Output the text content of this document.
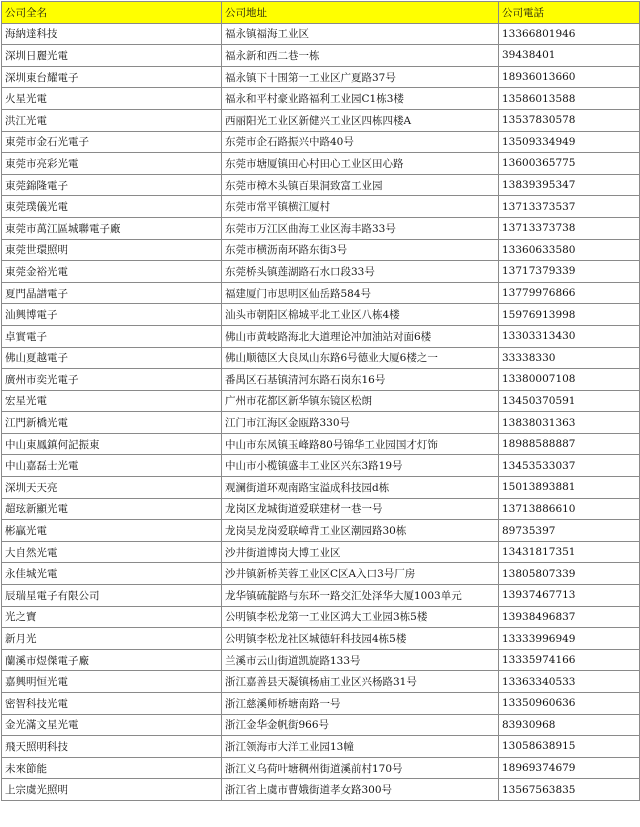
公司全名	公司地址	公司電話
海納達科技	福永镇福海工业区	13366801946
深圳日麗光電	福永新和西二巷一栋	39438401
深圳東台耀電子	福永镇下十围第一工业区广夏路37号	18936013660
火星光電	福永和平村豪业路福利工业园C1栋3楼	13586013588
洪江光電	西丽阳光工业区新健兴工业区四栋四楼A	13537830578
東莞市金石光電子	东莞市企石路振兴中路40号	13509334949
東莞市亮彩光電	东莞市塘厦镇田心村田心工业区田心路	13600365775
東莞錦隆電子	东莞市樟木头镇百果洞致富工业园	13839395347
東莞璞儀光電	东莞市常平镇横江厦村	13713373537
東莞市萬江區城聯電子廠	东莞市万江区曲海工业区海丰路33号	13713373738
東莞世環照明	东莞市横沥南环路东街3号	13360633580
東莞金裕光電	东莞桥头镇莲湖路石水口段33号	13717379339
夏門晶譜電子	福建厦门市思明区仙岳路584号	13779976866
汕興博電子	汕头市朝阳区棉城平北工业区八栋4楼	15976913998
卓實電子	佛山市黄岐路海北大道理论冲加油站对面6楼	13303313430
佛山夏越電子	佛山顺德区大良凤山东路6号德业大厦6楼之一	33338330
廣州市奕光電子	番禺区石基镇清河东路石岗东16号	13380007108
宏星光電	广州市花都区新华镇东镜区松朗	13450370591
江門新橋光電	江门市江海区金瓯路330号	13838031363
中山東鳳鎮何記振東	中山市东凤镇玉峰路80号锦华工业园国才灯饰	18988588887
中山嘉磊士光電	中山市小榄镇盛丰工业区兴东3路19号	13453533037
深圳天天亮	观澜街道环观南路宝溢成科技园d栋	15013893881
超玹新顯光電	龙岗区龙城街道爱联建材一巷一号	13713886610
彬贏光電	龙岗吴龙岗爱联嶂背工业区潮园路30栋	89735397
大自然光電	沙井街道博岗大博工业区	13431817351
永佳城光電	沙井镇新桥芙蓉工业区C区A入口3号厂房	13805807339
辰瑞星電子有限公司	龙华镇硫靛路与东环一路交汇处泽华大厦1003单元	13937467713
光之寶	公明镇李松龙第一工业区鸿大工业园3栋5楼	13938496837
新月光	公明镇李松龙社区城德轩科技园4栋5楼	13333996949
蘭溪市煜傑電子廠	兰溪市云山街道凯旋路133号	13335974166
嘉興明恒光電	浙江嘉善县天凝镇杨庙工业区兴杨路31号	13363340533
密智科技光電	浙江慈溪师桥塘南路一号	13350960636
金光滿文星光電	浙江金华金帆街966号	83930968
飛天照明科技	浙江领海市大洋工业园13幢	13058638915
未來節能	浙江义乌荷叶塘稠州街道溪前村170号	18969374679
上宗虞光照明	浙江省上虞市曹娥街道孝女路300号	13567563835
